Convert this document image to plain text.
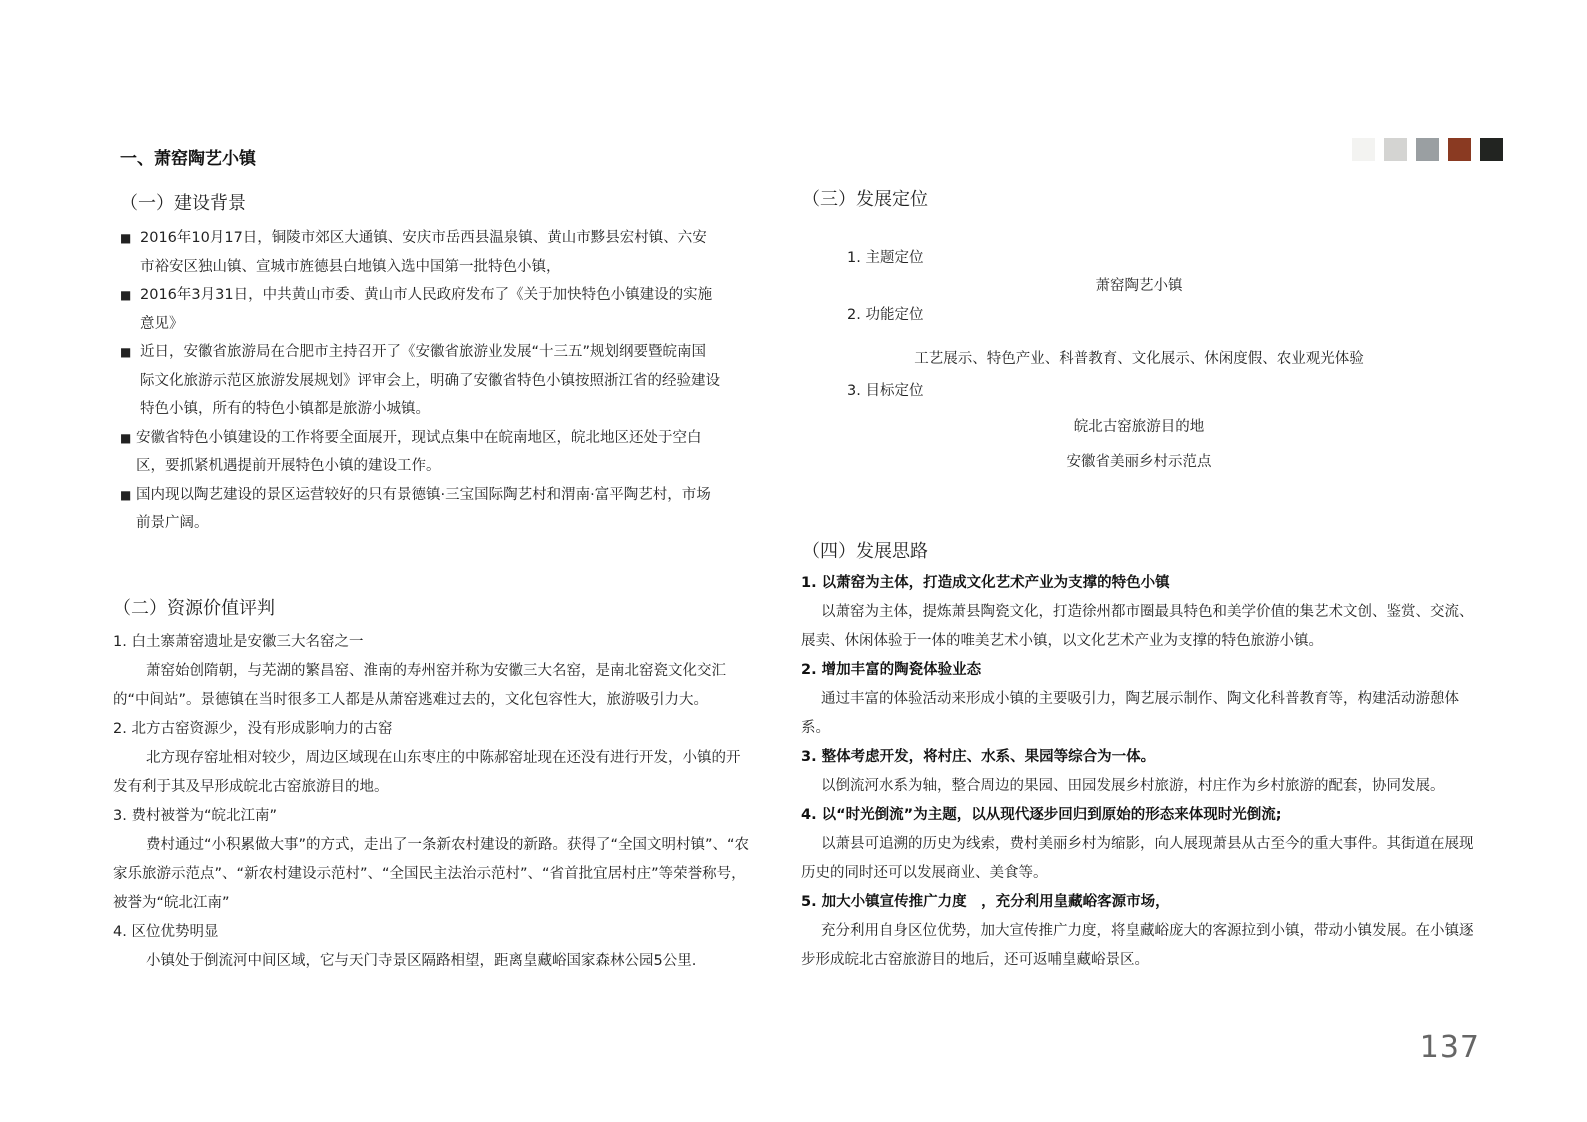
一、萧窑陶艺小镇
（一）建设背景
■ 2016年10月17日，铜陵市郊区大通镇、安庆市岳西县温泉镇、黄山市黟县宏村镇、六安市裕安区独山镇、宣城市旌德县白地镇入选中国第一批特色小镇，
■ 2016年3月31日，中共黄山市委、黄山市人民政府发布了《关于加快特色小镇建设的实施意见》
■ 近日，安徽省旅游局在合肥市主持召开了《安徽省旅游业发展“十三五”规划纲要暨皖南国际文化旅游示范区旅游发展规划》评审会上，明确了安徽省特色小镇按照浙江省的经验建设特色小镇，所有的特色小镇都是旅游小城镇。
■ 安徽省特色小镇建设的工作将要全面展开，现试点集中在皖南地区，皖北地区还处于空白区，要抓紧机遇提前开展特色小镇的建设工作。
■ 国内现以陶艺建设的景区运营较好的只有景德镇·三宝国际陶艺村和渭南·富平陶艺村，市场前景广阔。
（二）资源价值评判
1. 白土寨萧窑遗址是安徽三大名窑之一
萧窑始创隋朝，与芜湖的繁昌窑、淮南的寿州窑并称为安徽三大名窑，是南北窑瓷文化交汇的“中间站”。景德镇在当时很多工人都是从萧窑逃难过去的，文化包容性大，旅游吸引力大。
2. 北方古窑资源少，没有形成影响力的古窑
北方现存窑址相对较少，周边区域现在山东枣庄的中陈郝窑址现在还没有进行开发，小镇的开发有利于其及早形成皖北古窑旅游目的地。
3. 费村被誉为“皖北江南”
费村通过“小积累做大事”的方式，走出了一条新农村建设的新路。获得了“全国文明村镇”、“农家乐旅游示范点”、“新农村建设示范村”、“全国民主法治示范村”、“省首批宜居村庄”等荣誉称号，被誉为“皖北江南”
4. 区位优势明显
小镇处于倒流河中间区域，它与天门寺景区隔路相望，距离皇藏峪国家森林公园5公里.
（三）发展定位
1. 主题定位
萧窑陶艺小镇
2. 功能定位
工艺展示、特色产业、科普教育、文化展示、休闲度假、农业观光体验
3. 目标定位
皖北古窑旅游目的地
安徽省美丽乡村示范点
（四）发展思路
1. 以萧窑为主体，打造成文化艺术产业为支撑的特色小镇
以萧窑为主体，提炼萧县陶瓷文化，打造徐州都市圈最具特色和美学价值的集艺术文创、鉴赏、交流、展卖、休闲体验于一体的唯美艺术小镇，以文化艺术产业为支撑的特色旅游小镇。
2. 增加丰富的陶瓷体验业态
通过丰富的体验活动来形成小镇的主要吸引力，陶艺展示制作、陶文化科普教育等，构建活动游憩体系。
3. 整体考虑开发，将村庄、水系、果园等综合为一体。
以倒流河水系为轴，整合周边的果园、田园发展乡村旅游，村庄作为乡村旅游的配套，协同发展。
4. 以“时光倒流”为主题，以从现代逐步回归到原始的形态来体现时光倒流;
以萧县可追溯的历史为线索，费村美丽乡村为缩影，向人展现萧县从古至今的重大事件。其街道在展现历史的同时还可以发展商业、美食等。
5. 加大小镇宣传推广力度　，充分利用皇藏峪客源市场，
充分利用自身区位优势，加大宣传推广力度，将皇藏峪庞大的客源拉到小镇，带动小镇发展。在小镇逐步形成皖北古窑旅游目的地后，还可返哺皇藏峪景区。
137
